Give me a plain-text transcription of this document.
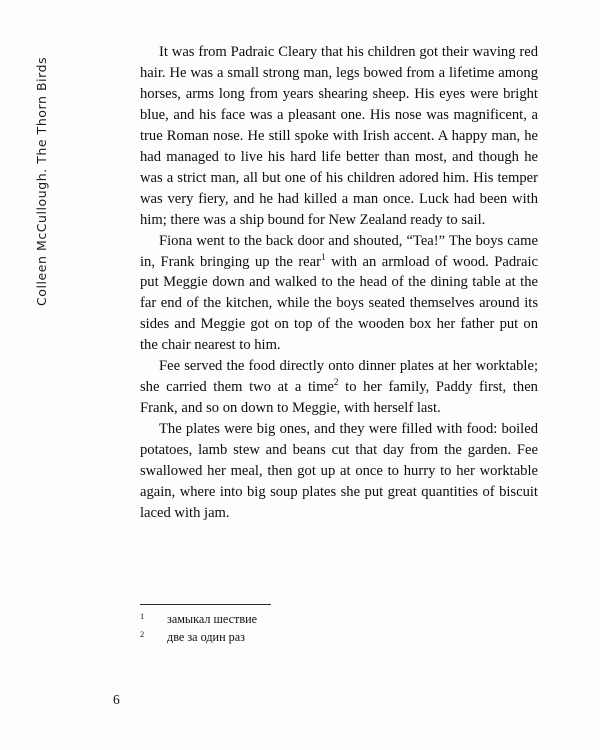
Colleen McCullough. The Thorn Birds

It was from Padraic Cleary that his children got their waving red hair. He was a small strong man, legs bowed from a lifetime among horses, arms long from years shearing sheep. His eyes were bright blue, and his face was a pleasant one. His nose was magnificent, a true Roman nose. He still spoke with Irish accent. A happy man, he had managed to live his hard life better than most, and though he was a strict man, all but one of his children adored him. His temper was very fiery, and he had killed a man once. Luck had been with him; there was a ship bound for New Zealand ready to sail.

Fiona went to the back door and shouted, “Tea!” The boys came in, Frank bringing up the rear$^1$ with an armload of wood. Padraic put Meggie down and walked to the head of the dining table at the far end of the kitchen, while the boys seated themselves around its sides and Meggie got on top of the wooden box her father put on the chair nearest to him.

Fee served the food directly onto dinner plates at her worktable; she carried them two at a time$^2$ to her family, Paddy first, then Frank, and so on down to Meggie, with herself last.

The plates were big ones, and they were filled with food: boiled potatoes, lamb stew and beans cut that day from the garden. Fee swallowed her meal, then got up at once to hurry to her worktable again, where into big soup plates she put great quantities of biscuit laced with jam.

1	замыкал шествие
2	две за один раз
6
